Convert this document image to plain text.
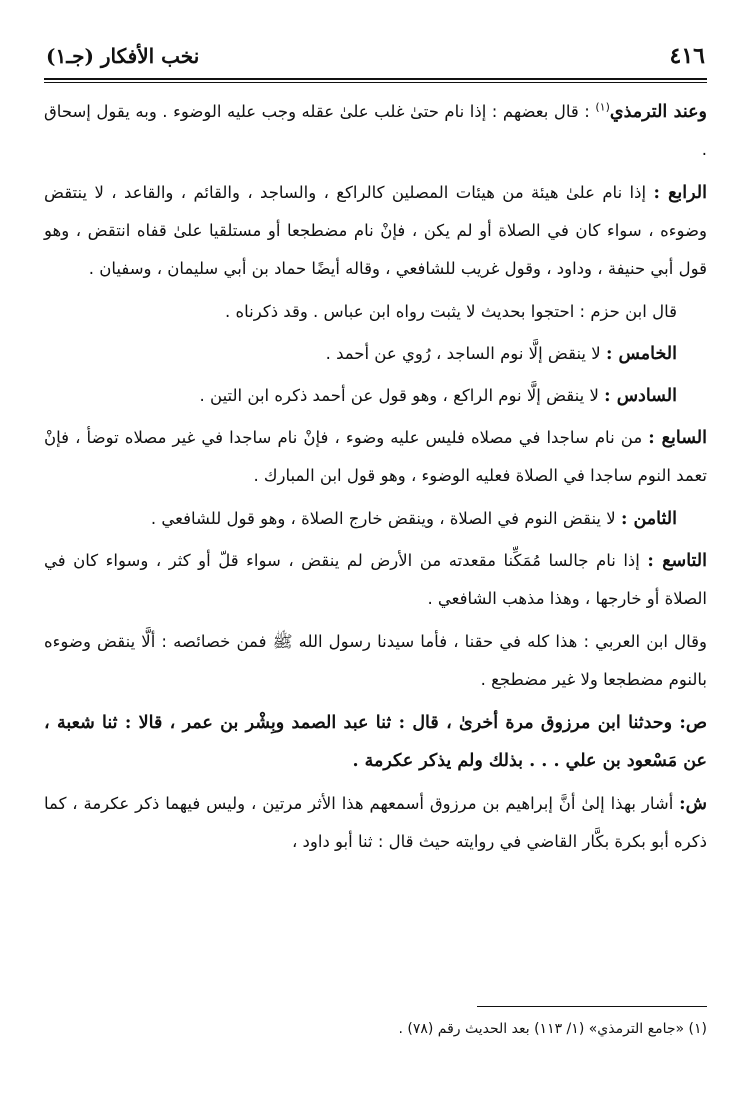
٤١٦
نخب الأفكار (جـ١)

وعند الترمذي$^{(١)}$ : قال بعضهم : إذا نام حتىٰ غلب علىٰ عقله وجب عليه الوضوء . وبه يقول إسحاق .

الرابع : إذا نام علىٰ هيئة من هيئات المصلين كالراكع ، والساجد ، والقائم ، والقاعد ، لا ينتقض وضوءه ، سواء كان في الصلاة أو لم يكن ، فإنْ نام مضطجعا أو مستلقيا علىٰ قفاه انتقض ، وهو قول أبي حنيفة ، وداود ، وقول غريب للشافعي ، وقاله أيضًا حماد بن أبي سليمان ، وسفيان .

قال ابن حزم : احتجوا بحديث لا يثبت رواه ابن عباس . وقد ذكرناه .

الخامس : لا ينقض إلَّا نوم الساجد ، رُوي عن أحمد .

السادس : لا ينقض إلَّا نوم الراكع ، وهو قول عن أحمد ذكره ابن التين .

السابع : من نام ساجدا في مصلاه فليس عليه وضوء ، فإنْ نام ساجدا في غير مصلاه توضأ ، فإنْ تعمد النوم ساجدا في الصلاة فعليه الوضوء ، وهو قول ابن المبارك .

الثامن : لا ينقض النوم في الصلاة ، وينقض خارج الصلاة ، وهو قول للشافعي .

التاسع : إذا نام جالسا مُمَكِّنا مقعدته من الأرض لم ينقض ، سواء قلّ أو كثر ، وسواء كان في الصلاة أو خارجها ، وهذا مذهب الشافعي .

وقال ابن العربي : هذا كله في حقنا ، فأما سيدنا رسول الله ﷺ فمن خصائصه : ألَّا ينقض وضوءه بالنوم مضطجعا ولا غير مضطجع .

ص: وحدثنا ابن مرزوق مرة أخرىٰ ، قال : ثنا عبد الصمد وبِشْر بن عمر ، قالا : ثنا شعبة ، عن مَسْعود بن علي . . . بذلك ولم يذكر عكرمة .

ش: أشار بهذا إلىٰ أنَّ إبراهيم بن مرزوق أسمعهم هذا الأثر مرتين ، وليس فيهما ذكر عكرمة ، كما ذكره أبو بكرة بكَّار القاضي في روايته حيث قال : ثنا أبو داود ،

(١) «جامع الترمذي» (١/ ١١٣) بعد الحديث رقم (٧٨) .
